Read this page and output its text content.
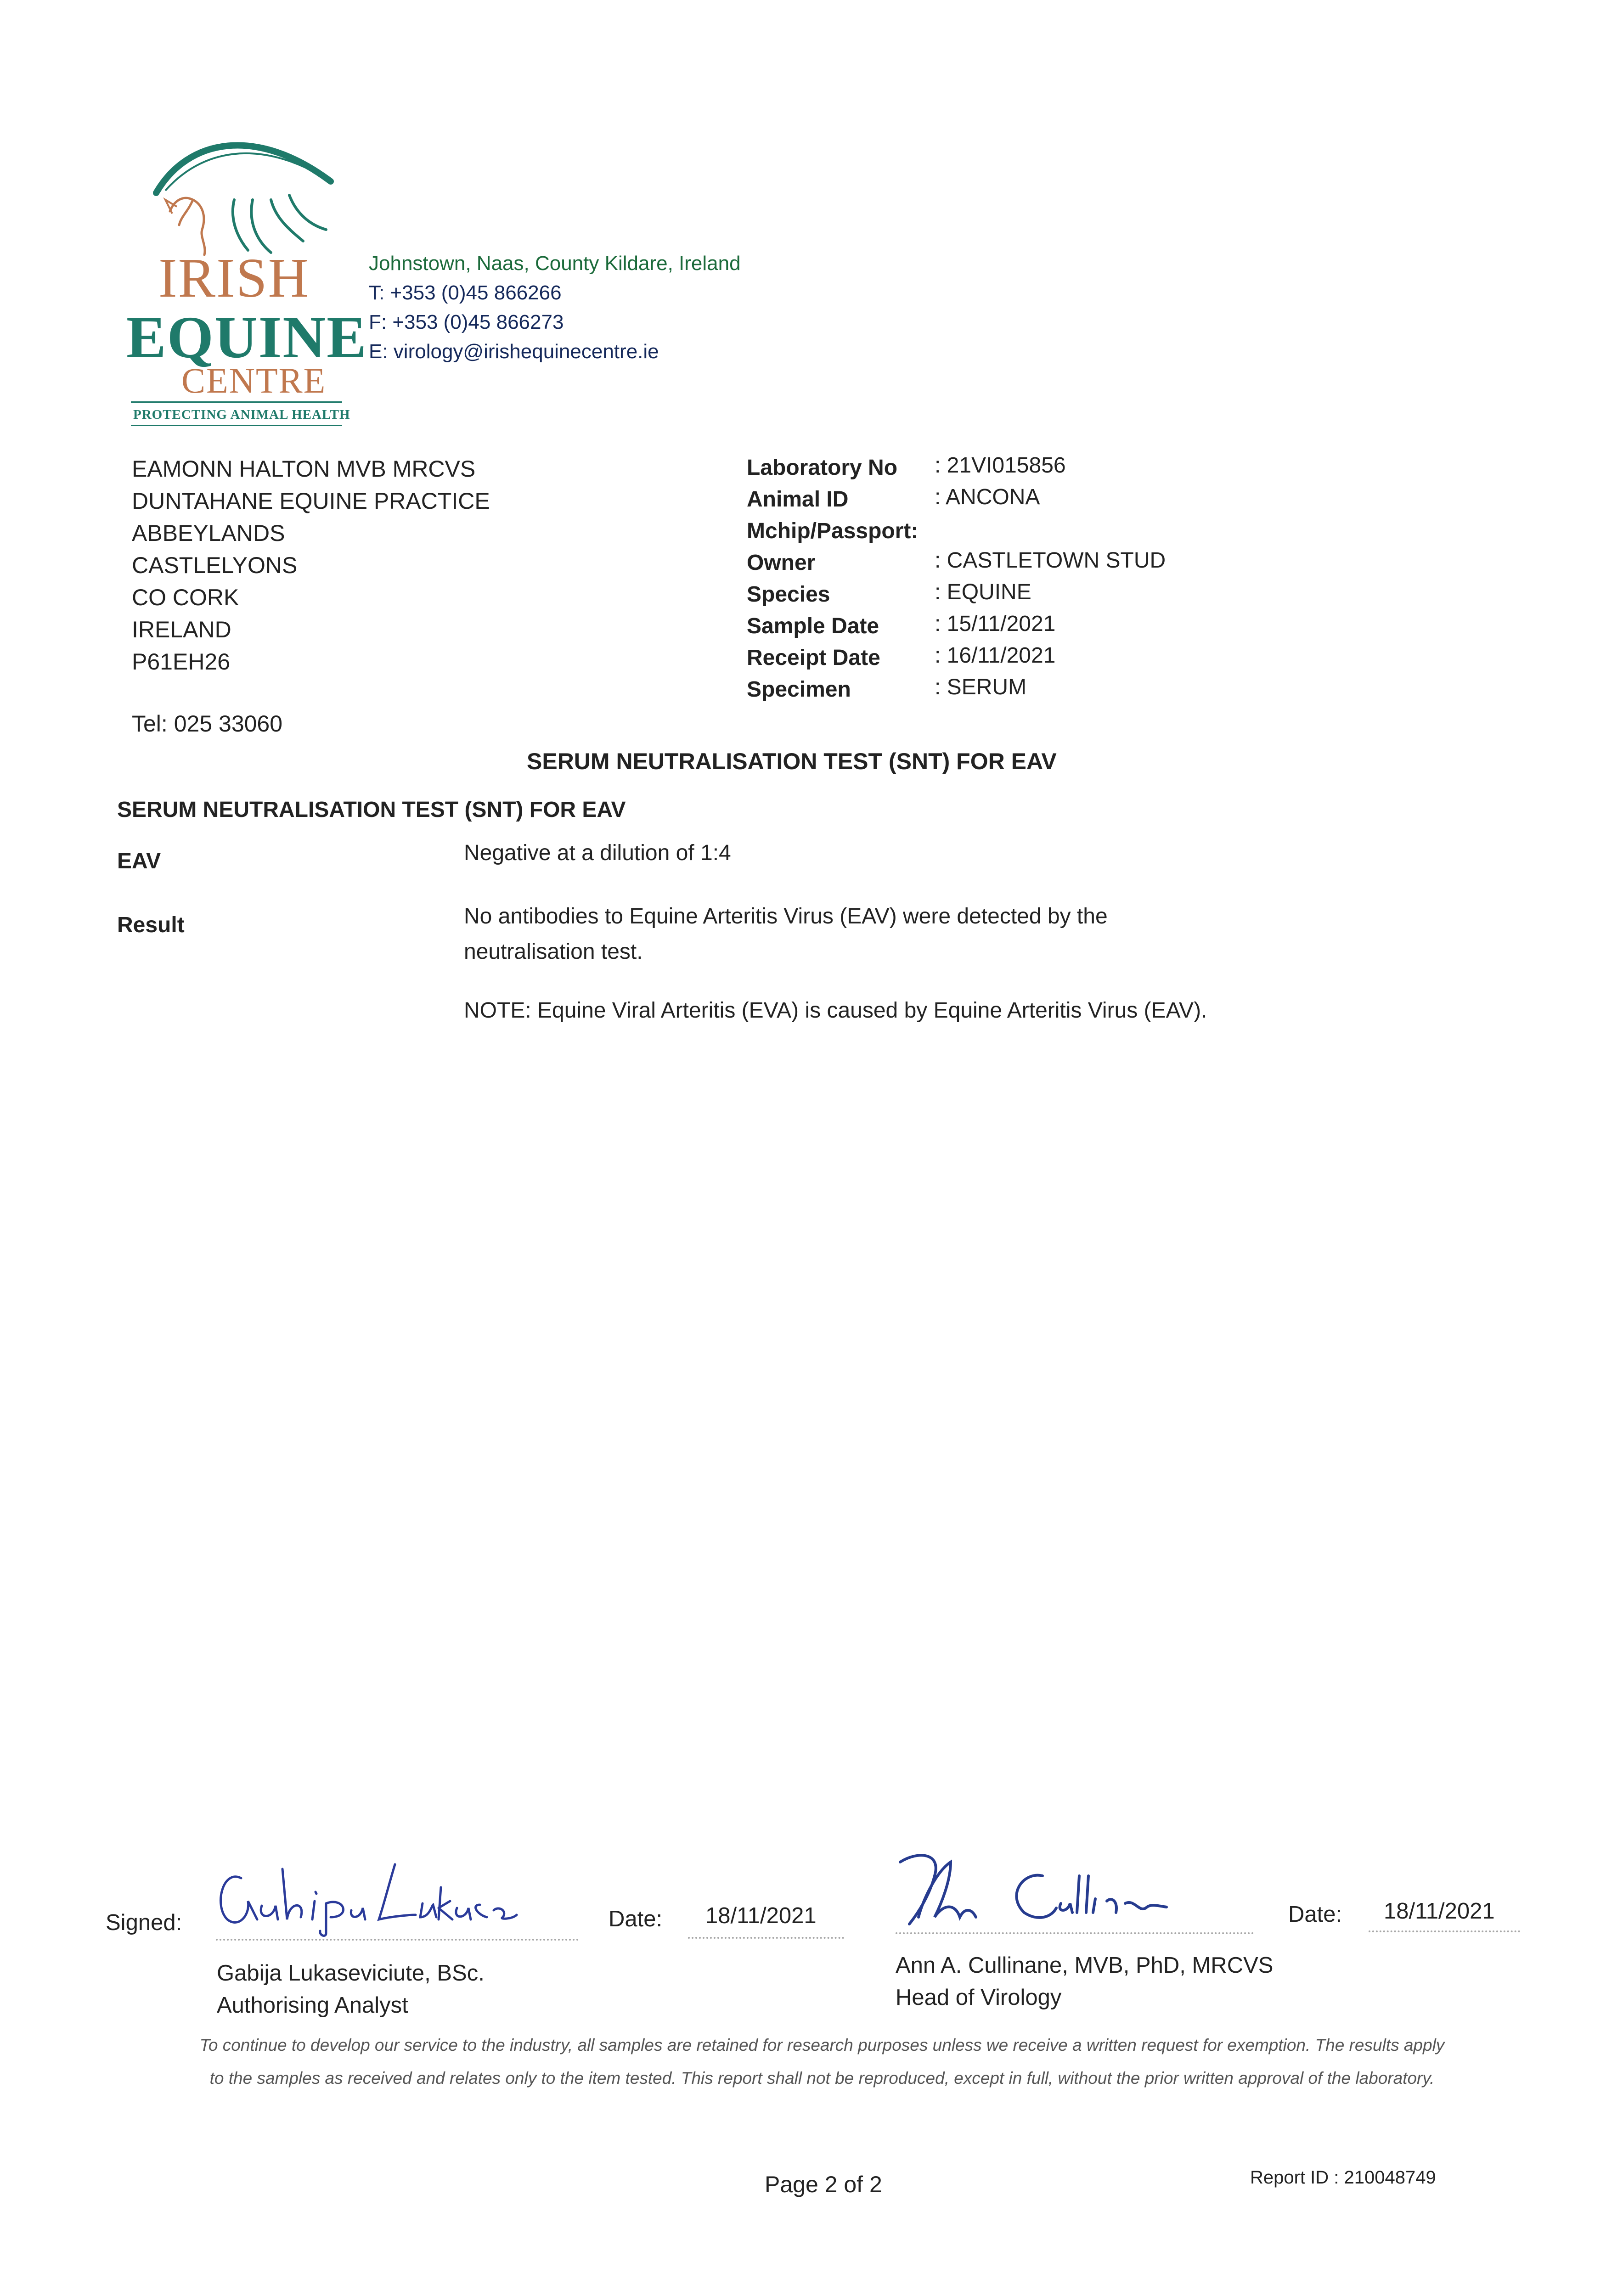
IRISH
EQUINE
CENTRE
PROTECTING ANIMAL HEALTH
Johnstown, Naas, County Kildare, Ireland
T: +353 (0)45 866266
F: +353 (0)45 866273
E: virology@irishequinecentre.ie
EAMONN HALTON MVB MRCVS
DUNTAHANE EQUINE PRACTICE
ABBEYLANDS
CASTLELYONS
CO CORK
IRELAND
P61EH26
Tel: 025 33060
Laboratory No : 21VI015856
Animal ID	: ANCONA
Mchip/Passport:
Owner	: CASTLETOWN STUD
Species	: EQUINE
Sample Date	: 15/11/2021
Receipt Date : 16/11/2021
Specimen	: SERUM
SERUM NEUTRALISATION TEST (SNT) FOR EAV
SERUM NEUTRALISATION TEST (SNT) FOR EAV
EAV	Negative at a dilution of 1:4
Result	No antibodies to Equine Arteritis Virus (EAV) were detected by the neutralisation test.
NOTE: Equine Viral Arteritis (EVA) is caused by Equine Arteritis Virus (EAV).
Signed:	Date: 18/11/2021
Gabija Lukaseviciute, BSc.
Authorising Analyst
Date: 18/11/2021
Ann A. Cullinane, MVB, PhD, MRCVS
Head of Virology
To continue to develop our service to the industry, all samples are retained for research purposes unless we receive a written request for exemption. The results apply to the samples as received and relates only to the item tested. This report shall not be reproduced, except in full, without the prior written approval of the laboratory.
Page 2 of 2	Report ID : 210048749
